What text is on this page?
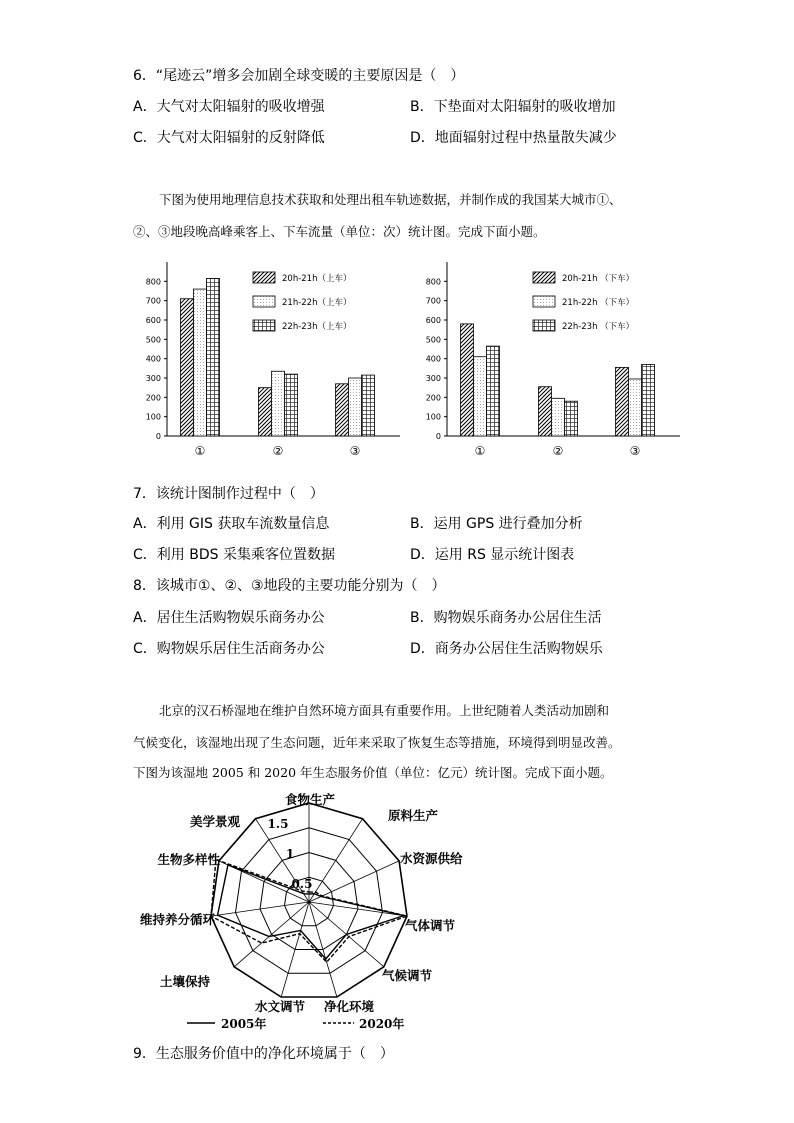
6．“尾迹云”增多会加剧全球变暖的主要原因是（　）
A．大气对太阳辐射的吸收增强	B．下垫面对太阳辐射的吸收增加
C．大气对太阳辐射的反射降低	D．地面辐射过程中热量散失减少
下图为使用地理信息技术获取和处理出租车轨迹数据，并制作成的我国某大城市①、
②、③地段晚高峰乘客上、下车流量（单位：次）统计图。完成下面小题。
0
100
200
300
400
500
600
700
800
①	②	③
20h-21h（上车）
21h-22h（上车）
22h-23h（上车）
0
100
200
300
400
500
600
700
800
①	②	③
20h-21h （下车）
21h-22h （下车）
22h-23h （下车）
7．该统计图制作过程中（　）
A．利用 GIS 获取车流数量信息	B．运用 GPS 进行叠加分析
C．利用 BDS 采集乘客位置数据	D．运用 RS 显示统计图表
8．该城市①、②、③地段的主要功能分别为（　）
A．居住生活购物娱乐商务办公	B．购物娱乐商务办公居住生活
C．购物娱乐居住生活商务办公	D．商务办公居住生活购物娱乐
北京的汉石桥湿地在维护自然环境方面具有重要作用。上世纪随着人类活动加剧和
气候变化，该湿地出现了生态问题，近年来采取了恢复生态等措施，环境得到明显改善。
下图为该湿地 2005 和 2020 年生态服务价值（单位：亿元）统计图。完成下面小题。
0.5
1
1.5
食物生产
原料生产
水资源供给
气体调节
气候调节
净化环境
水文调节
土壤保持
维持养分循环
生物多样性
美学景观
2005年	2020年
9．生态服务价值中的净化环境属于（　）
